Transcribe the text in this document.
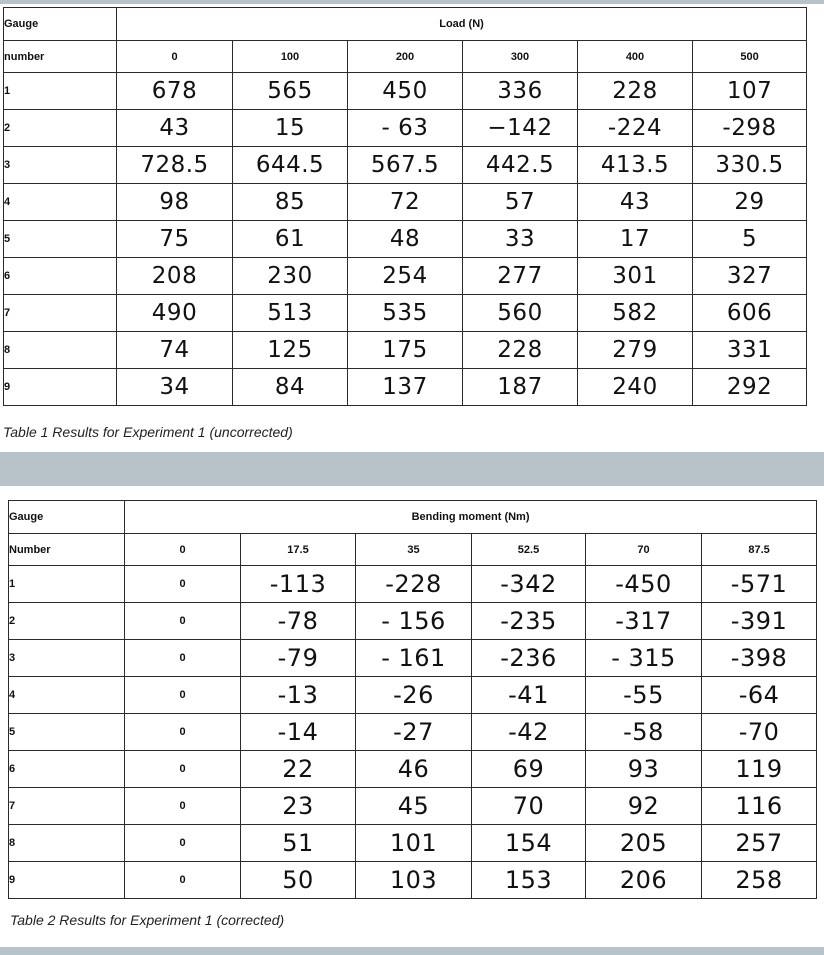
Gauge	Load (N)					
number	0	100	200	300	400	500
1	678	565	450	336	228	107
2	43	15	- 63	−142	-224	-298
3	728.5	644.5	567.5	442.5	413.5	330.5
4	98	85	72	57	43	29
5	75	61	48	33	17	5
6	208	230	254	277	301	327
7	490	513	535	560	582	606
8	74	125	175	228	279	331
9	34	84	137	187	240	292
Table 1 Results for Experiment 1 (uncorrected)
Gauge	Bending moment (Nm)					
Number	0	17.5	35	52.5	70	87.5
1	0	-113	-228	-342	-450	-571
2	0	-78	- 156	-235	-317	-391
3	0	-79	- 161	-236	- 315	-398
4	0	-13	-26	-41	-55	-64
5	0	-14	-27	-42	-58	-70
6	0	22	46	69	93	119
7	0	23	45	70	92	116
8	0	51	101	154	205	257
9	0	50	103	153	206	258
Table 2 Results for Experiment 1 (corrected)
